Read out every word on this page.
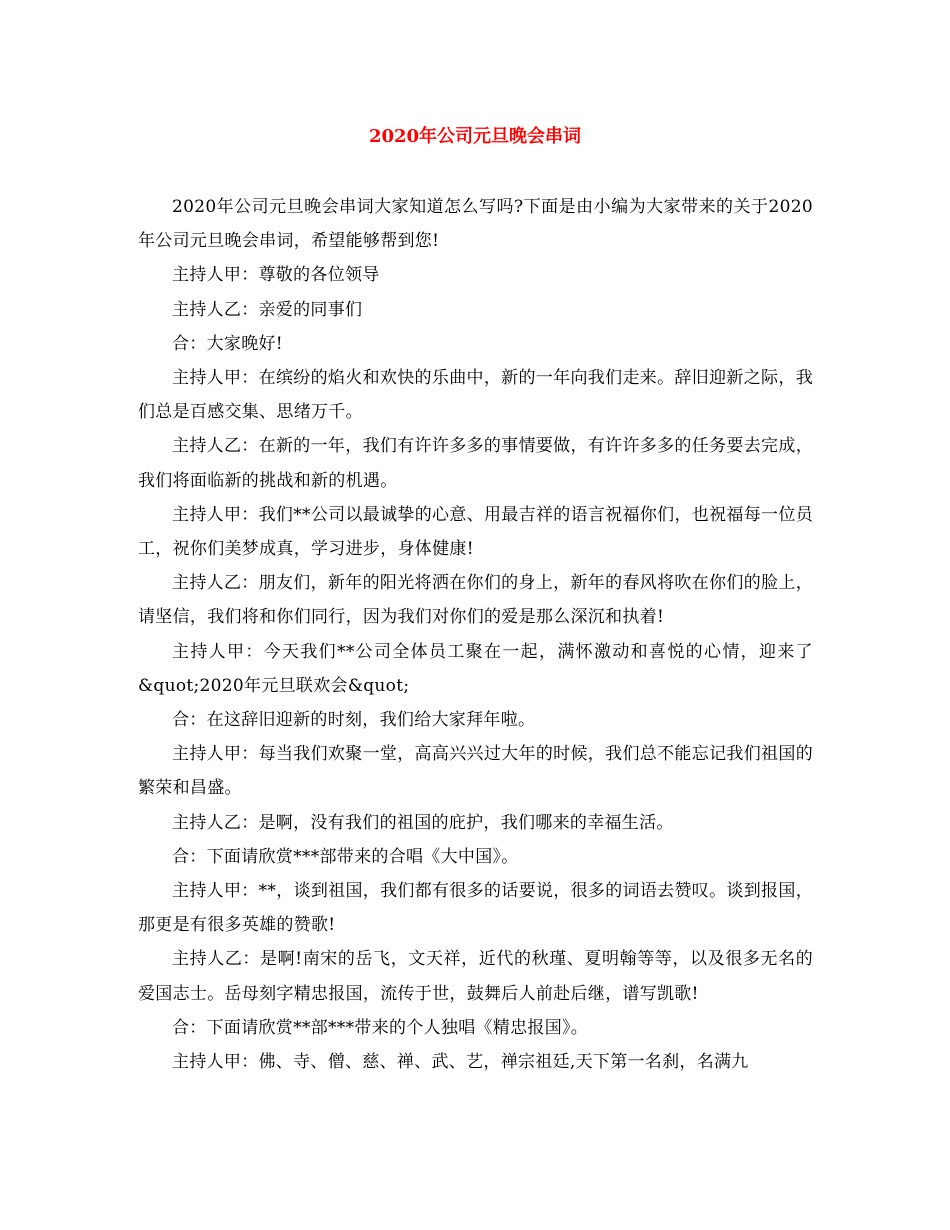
2020年公司元旦晚会串词

2020年公司元旦晚会串词大家知道怎么写吗?下面是由小编为大家带来的关于2020年公司元旦晚会串词，希望能够帮到您!

主持人甲：尊敬的各位领导

主持人乙：亲爱的同事们

合：大家晚好!

主持人甲：在缤纷的焰火和欢快的乐曲中，新的一年向我们走来。辞旧迎新之际，我们总是百感交集、思绪万千。

主持人乙：在新的一年，我们有许许多多的事情要做，有许许多多的任务要去完成，我们将面临新的挑战和新的机遇。

主持人甲：我们**公司以最诚挚的心意、用最吉祥的语言祝福你们，也祝福每一位员工，祝你们美梦成真，学习进步，身体健康!

主持人乙：朋友们，新年的阳光将洒在你们的身上，新年的春风将吹在你们的脸上，请坚信，我们将和你们同行，因为我们对你们的爱是那么深沉和执着!

主持人甲：今天我们**公司全体员工聚在一起，满怀激动和喜悦的心情，迎来了&quot;2020年元旦联欢会&quot;

合：在这辞旧迎新的时刻，我们给大家拜年啦。

主持人甲：每当我们欢聚一堂，高高兴兴过大年的时候，我们总不能忘记我们祖国的繁荣和昌盛。

主持人乙：是啊，没有我们的祖国的庇护，我们哪来的幸福生活。

合：下面请欣赏***部带来的合唱《大中国》。

主持人甲：**，谈到祖国，我们都有很多的话要说，很多的词语去赞叹。谈到报国，那更是有很多英雄的赞歌!

主持人乙：是啊!南宋的岳飞，文天祥，近代的秋瑾、夏明翰等等，以及很多无名的爱国志士。岳母刻字精忠报国，流传于世，鼓舞后人前赴后继，谱写凯歌!

合：下面请欣赏**部***带来的个人独唱《精忠报国》。

主持人甲：佛、寺、僧、慈、禅、武、艺，禅宗祖廷,天下第一名刹，名满九
